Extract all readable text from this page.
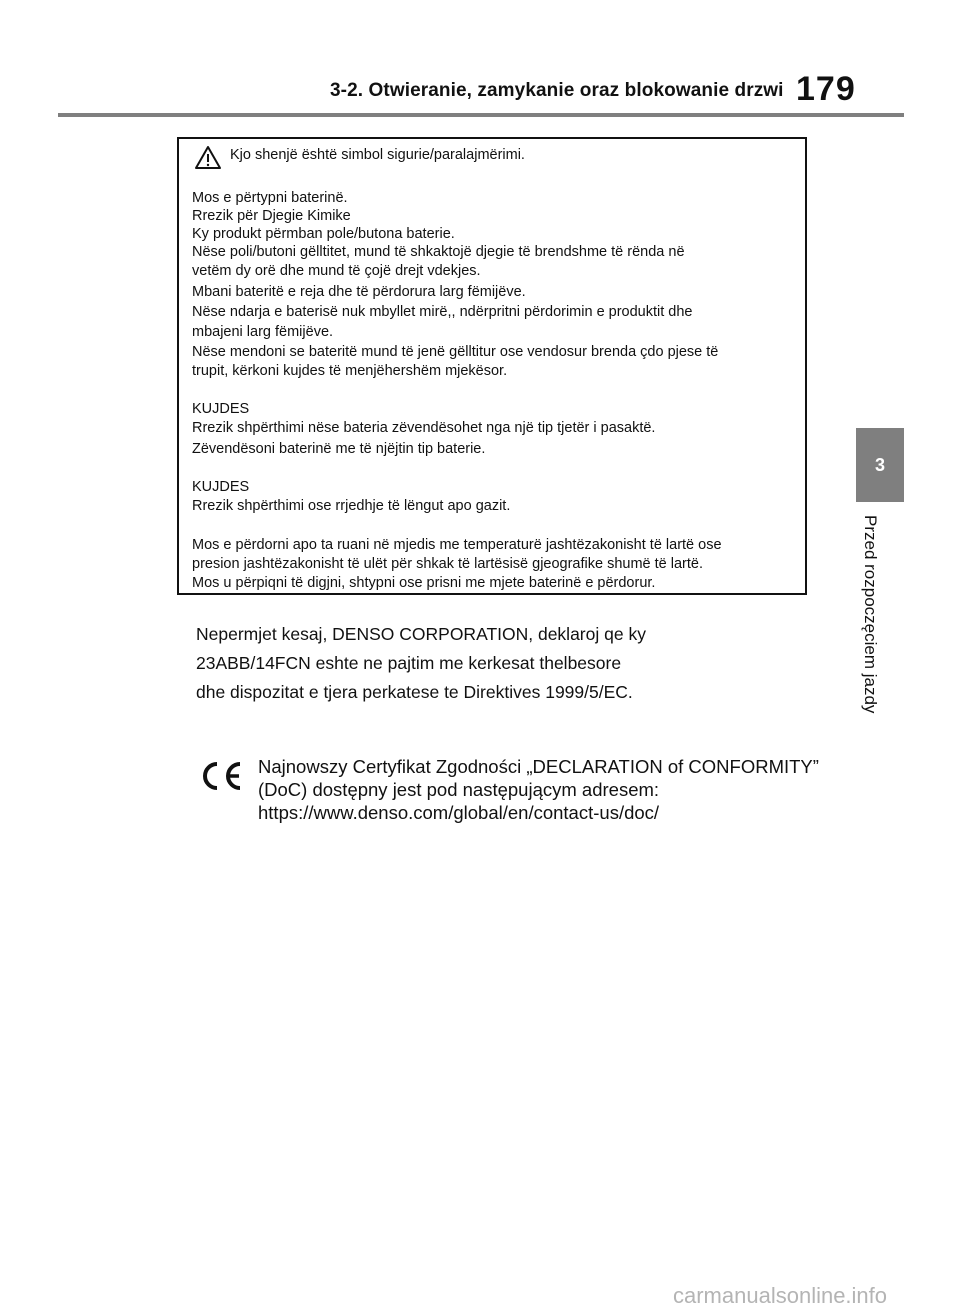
3-2. Otwieranie, zamykanie oraz blokowanie drzwi 179
3
Przed rozpoczęciem jazdy
Kjo shenjë është simbol sigurie/paralajmërimi.
Mos e përtypni baterinë.
Rrezik për Djegie Kimike
Ky produkt përmban pole/butona baterie.
Nëse poli/butoni gëlltitet, mund të shkaktojë djegie të brendshme të rënda në
vetëm dy orë dhe mund të çojë drejt vdekjes.
Mbani bateritë e reja dhe të përdorura larg fëmijëve.
Nëse ndarja e baterisë nuk mbyllet mirë,, ndërpritni përdorimin e produktit dhe
mbajeni larg fëmijëve.
Nëse mendoni se bateritë mund të jenë gëlltitur ose vendosur brenda çdo pjese të
trupit, kërkoni kujdes të menjëhershëm mjekësor.
KUJDES
Rrezik shpërthimi nëse bateria zëvendësohet nga një tip tjetër i pasaktë.
Zëvendësoni baterinë me të njëjtin tip baterie.
KUJDES
Rrezik shpërthimi ose rrjedhje të lëngut apo gazit.
Mos e përdorni apo ta ruani në mjedis me temperaturë jashtëzakonisht të lartë ose
presion jashtëzakonisht të ulët për shkak të lartësisë gjeografike shumë të lartë.
Mos u përpiqni të digjni, shtypni ose prisni me mjete baterinë e përdorur.
Nepermjet kesaj, DENSO CORPORATION, deklaroj qe ky
23ABB/14FCN eshte ne pajtim me kerkesat thelbesore
dhe dispozitat e tjera perkatese te Direktives 1999/5/EC.
Najnowszy Certyfikat Zgodności „DECLARATION of CONFORMITY”
(DoC) dostępny jest pod następującym adresem:
https://www.denso.com/global/en/contact-us/doc/
carmanualsonline.info
